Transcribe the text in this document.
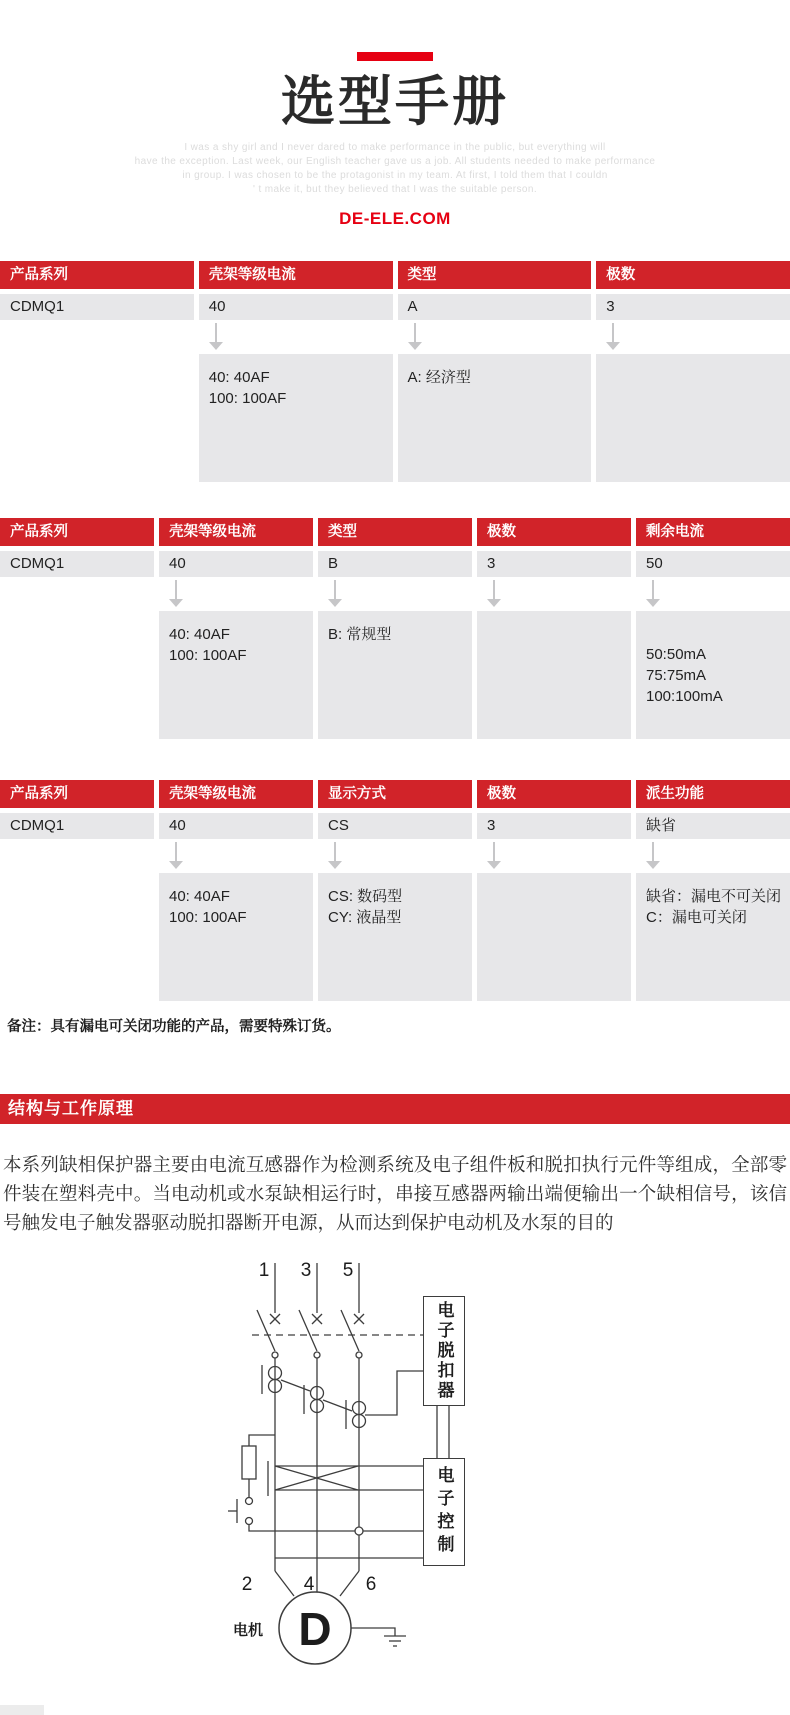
选型手册
I was a shy girl and I never dared to make performance in the public, but everything will
have the exception. Last week, our English teacher gave us a job. All students needed to make performance
in group. I was chosen to be the protagonist in my team. At first, I told them that I couldn
' t make it, but they believed that I was the suitable person.
DE-ELE.COM
产品系列
CDMQ1
壳架等级电流
40
40: 40AF
100: 100AF
类型
A
A: 经济型
极数
3
产品系列
CDMQ1
壳架等级电流
40
40: 40AF
100: 100AF
类型
B
B: 常规型
极数
3
剩余电流
50
50:50mA
75:75mA
100:100mA
产品系列
CDMQ1
壳架等级电流
40
40: 40AF
100: 100AF
显示方式
CS
CS: 数码型
CY: 液晶型
极数
3
派生功能
缺省
缺省：漏电不可关闭
C：漏电可关闭
备注：具有漏电可关闭功能的产品，需要特殊订货。
结构与工作原理
本系列缺相保护器主要由电流互感器作为检测系统及电子组件板和脱扣执行元件等组成，全部零件装在塑料壳中。当电动机或水泵缺相运行时，串接互感器两输出端便输出一个缺相信号，该信号触发电子触发器驱动脱扣器断开电源，从而达到保护电动机及水泵的目的
1 3 5
2	4	6
D
电机
电子脱扣器
电子控制
